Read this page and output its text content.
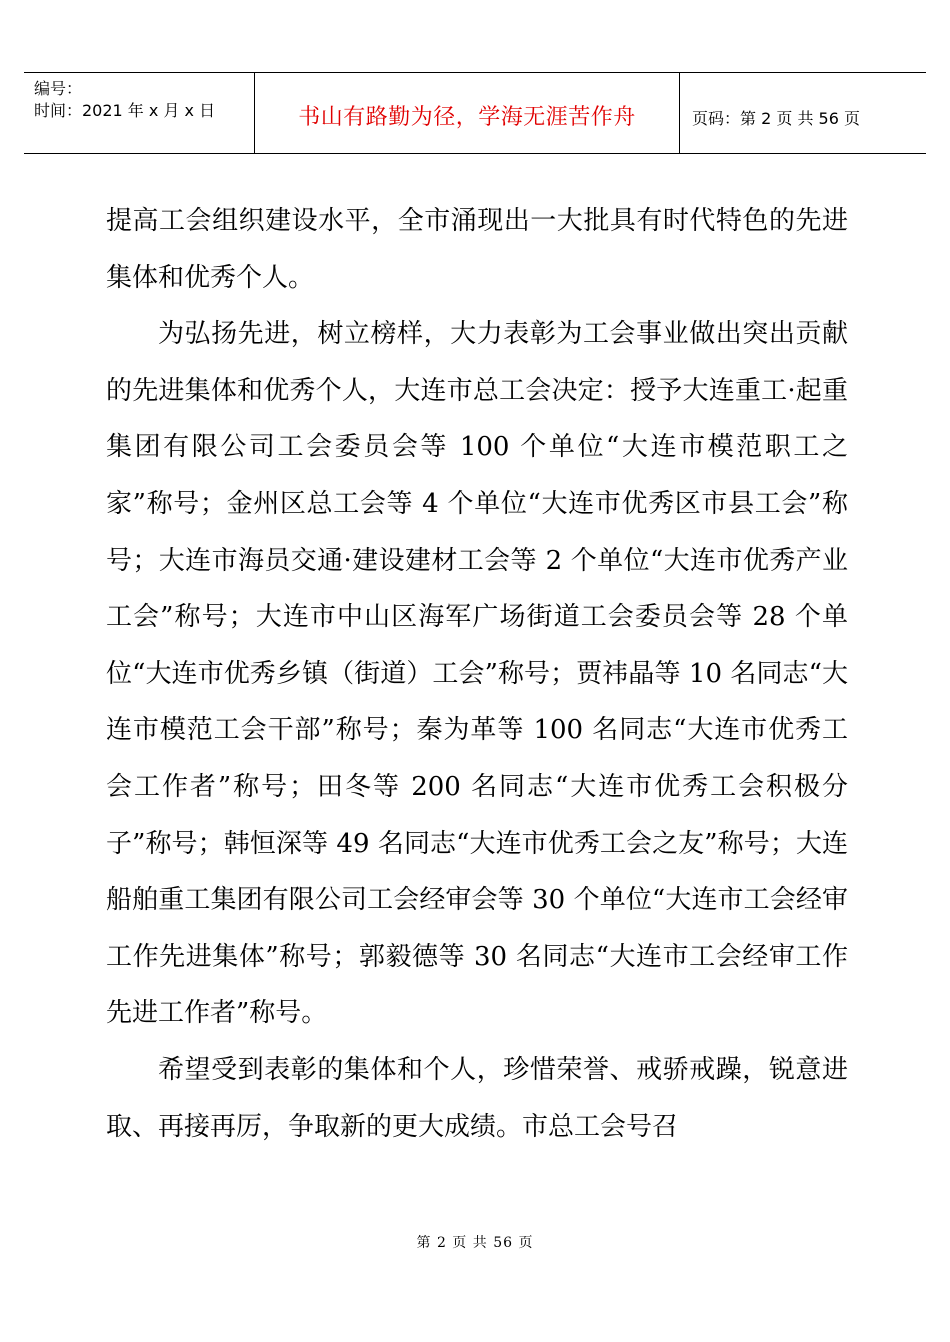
编号：
时间：2021 年 x 月 x 日	书山有路勤为径，学海无涯苦作舟	页码：第 2 页 共 56 页

提高工会组织建设水平，全市涌现出一大批具有时代特色的先进集体和优秀个人。

为弘扬先进，树立榜样，大力表彰为工会事业做出突出贡献的先进集体和优秀个人，大连市总工会决定：授予大连重工·起重集团有限公司工会委员会等 100 个单位“大连市模范职工之家”称号；金州区总工会等 4 个单位“大连市优秀区市县工会”称号；大连市海员交通·建设建材工会等 2 个单位“大连市优秀产业工会”称号；大连市中山区海军广场街道工会委员会等 28 个单位“大连市优秀乡镇（街道）工会”称号；贾祎晶等 10 名同志“大连市模范工会干部”称号；秦为革等 100 名同志“大连市优秀工会工作者”称号；田冬等 200 名同志“大连市优秀工会积极分子”称号；韩恒深等 49 名同志“大连市优秀工会之友”称号；大连船舶重工集团有限公司工会经审会等 30 个单位“大连市工会经审工作先进集体”称号；郭毅德等 30 名同志“大连市工会经审工作先进工作者”称号。

希望受到表彰的集体和个人，珍惜荣誉、戒骄戒躁，锐意进取、再接再厉，争取新的更大成绩。市总工会号召

第 2 页 共 56 页
